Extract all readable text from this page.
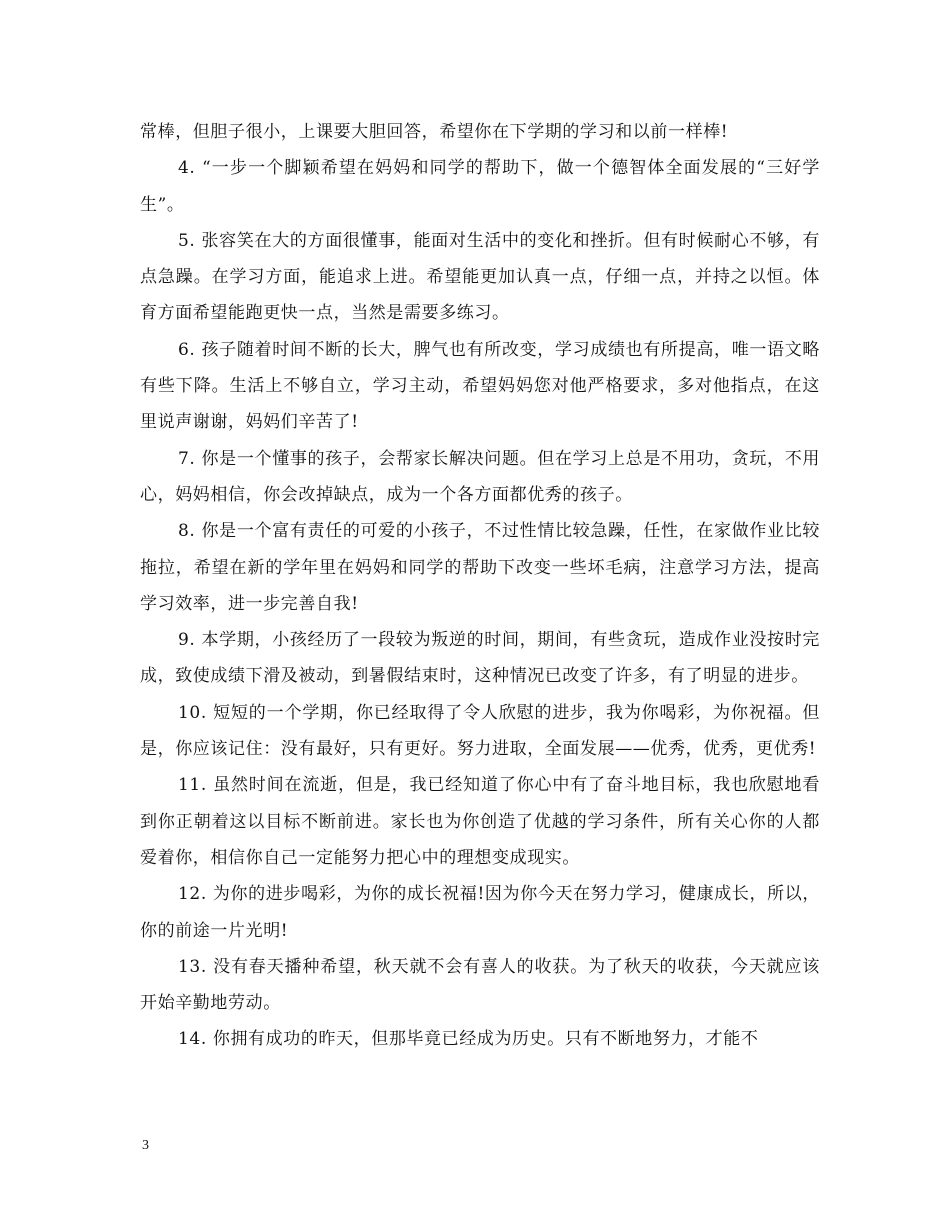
常棒，但胆子很小，上课要大胆回答，希望你在下学期的学习和以前一样棒!

4. “一步一个脚颖希望在妈妈和同学的帮助下，做一个德智体全面发展的“三好学生”。

5. 张容笑在大的方面很懂事，能面对生活中的变化和挫折。但有时候耐心不够，有点急躁。在学习方面，能追求上进。希望能更加认真一点，仔细一点，并持之以恒。体育方面希望能跑更快一点，当然是需要多练习。

6. 孩子随着时间不断的长大，脾气也有所改变，学习成绩也有所提高，唯一语文略有些下降。生活上不够自立，学习主动，希望妈妈您对他严格要求，多对他指点，在这里说声谢谢，妈妈们辛苦了!

7. 你是一个懂事的孩子，会帮家长解决问题。但在学习上总是不用功，贪玩，不用心，妈妈相信，你会改掉缺点，成为一个各方面都优秀的孩子。

8. 你是一个富有责任的可爱的小孩子，不过性情比较急躁，任性，在家做作业比较拖拉，希望在新的学年里在妈妈和同学的帮助下改变一些坏毛病，注意学习方法，提高学习效率，进一步完善自我!

9. 本学期，小孩经历了一段较为叛逆的时间，期间，有些贪玩，造成作业没按时完成，致使成绩下滑及被动，到暑假结束时，这种情况已改变了许多，有了明显的进步。

10. 短短的一个学期，你已经取得了令人欣慰的进步，我为你喝彩，为你祝福。但是，你应该记住：没有最好，只有更好。努力进取，全面发展——优秀，优秀，更优秀!

11. 虽然时间在流逝，但是，我已经知道了你心中有了奋斗地目标，我也欣慰地看到你正朝着这以目标不断前进。家长也为你创造了优越的学习条件，所有关心你的人都爱着你，相信你自己一定能努力把心中的理想变成现实。

12. 为你的进步喝彩，为你的成长祝福!因为你今天在努力学习，健康成长，所以，你的前途一片光明!

13. 没有春天播种希望，秋天就不会有喜人的收获。为了秋天的收获，今天就应该开始辛勤地劳动。

14. 你拥有成功的昨天，但那毕竟已经成为历史。只有不断地努力，才能不

3
